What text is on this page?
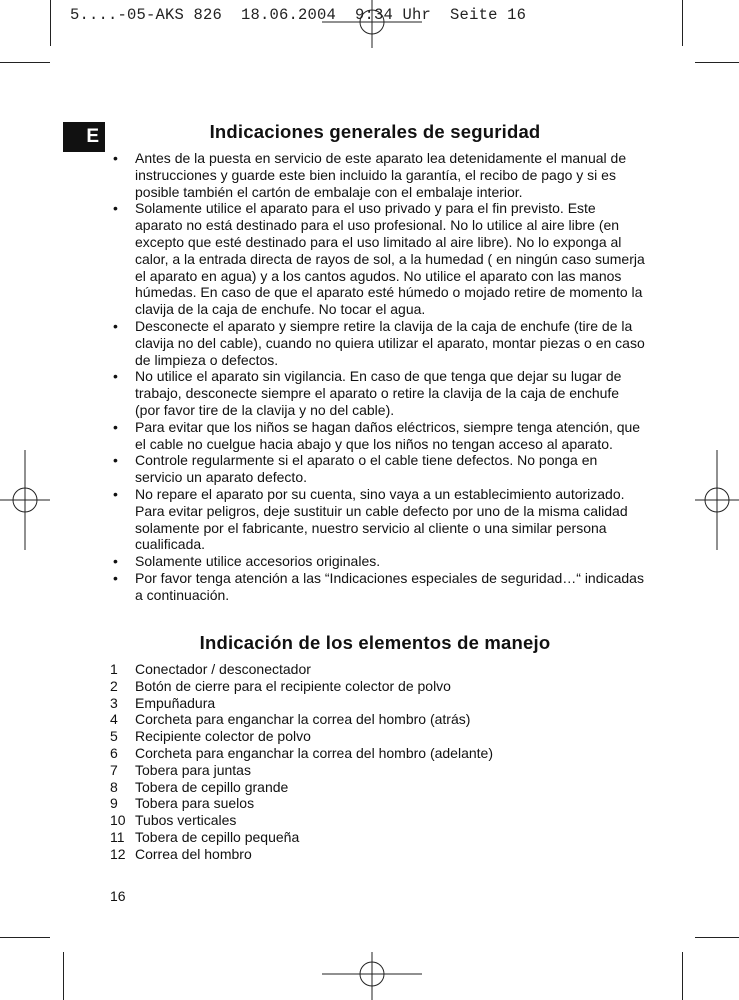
5....-05-AKS 826  18.06.2004  9:34 Uhr  Seite 16
E	Indicaciones generales de seguridad
• Antes de la puesta en servicio de este aparato lea detenidamente el manual de instrucciones y guarde este bien incluido la garantía, el recibo de pago y si es posible también el cartón de embalaje con el embalaje interior.
• Solamente utilice el aparato para el uso privado y para el fin previsto. Este aparato no está destinado para el uso profesional. No lo utilice al aire libre (en excepto que esté destinado para el uso limitado al aire libre). No lo exponga al calor, a la entrada directa de rayos de sol, a la humedad ( en ningún caso sumerja el aparato en agua) y a los cantos agudos. No utilice el aparato con las manos húmedas. En caso de que el aparato esté húmedo o mojado retire de momento la clavija de la caja de enchufe. No tocar el agua.
• Desconecte el aparato y siempre retire la clavija de la caja de enchufe (tire de la clavija no del cable), cuando no quiera utilizar el aparato, montar piezas o en caso de limpieza o defectos.
• No utilice el aparato sin vigilancia. En caso de que tenga que dejar su lugar de trabajo, desconecte siempre el aparato o retire la clavija de la caja de enchufe (por favor tire de la clavija y no del cable).
• Para evitar que los niños se hagan daños eléctricos, siempre tenga atención, que el cable no cuelgue hacia abajo y que los niños no tengan acceso al aparato.
• Controle regularmente si el aparato o el cable tiene defectos. No ponga en servicio un aparato defecto.
• No repare el aparato por su cuenta, sino vaya a un establecimiento autorizado. Para evitar peligros, deje sustituir un cable defecto por uno de la misma calidad solamente por el fabricante, nuestro servicio al cliente o una similar persona cualificada.
• Solamente utilice accesorios originales.
• Por favor tenga atención a las “Indicaciones especiales de seguridad…“ indicadas a continuación.
Indicación de los elementos de manejo
1	Conectador / desconectador
2	Botón de cierre para el recipiente colector de polvo
3	Empuñadura
4	Corcheta para enganchar la correa del hombro (atrás)
5	Recipiente colector de polvo
6	Corcheta para enganchar la correa del hombro (adelante)
7	Tobera para juntas
8	Tobera de cepillo grande
9	Tobera para suelos
10 Tubos verticales
11 Tobera de cepillo pequeña
12 Correa del hombro
16
